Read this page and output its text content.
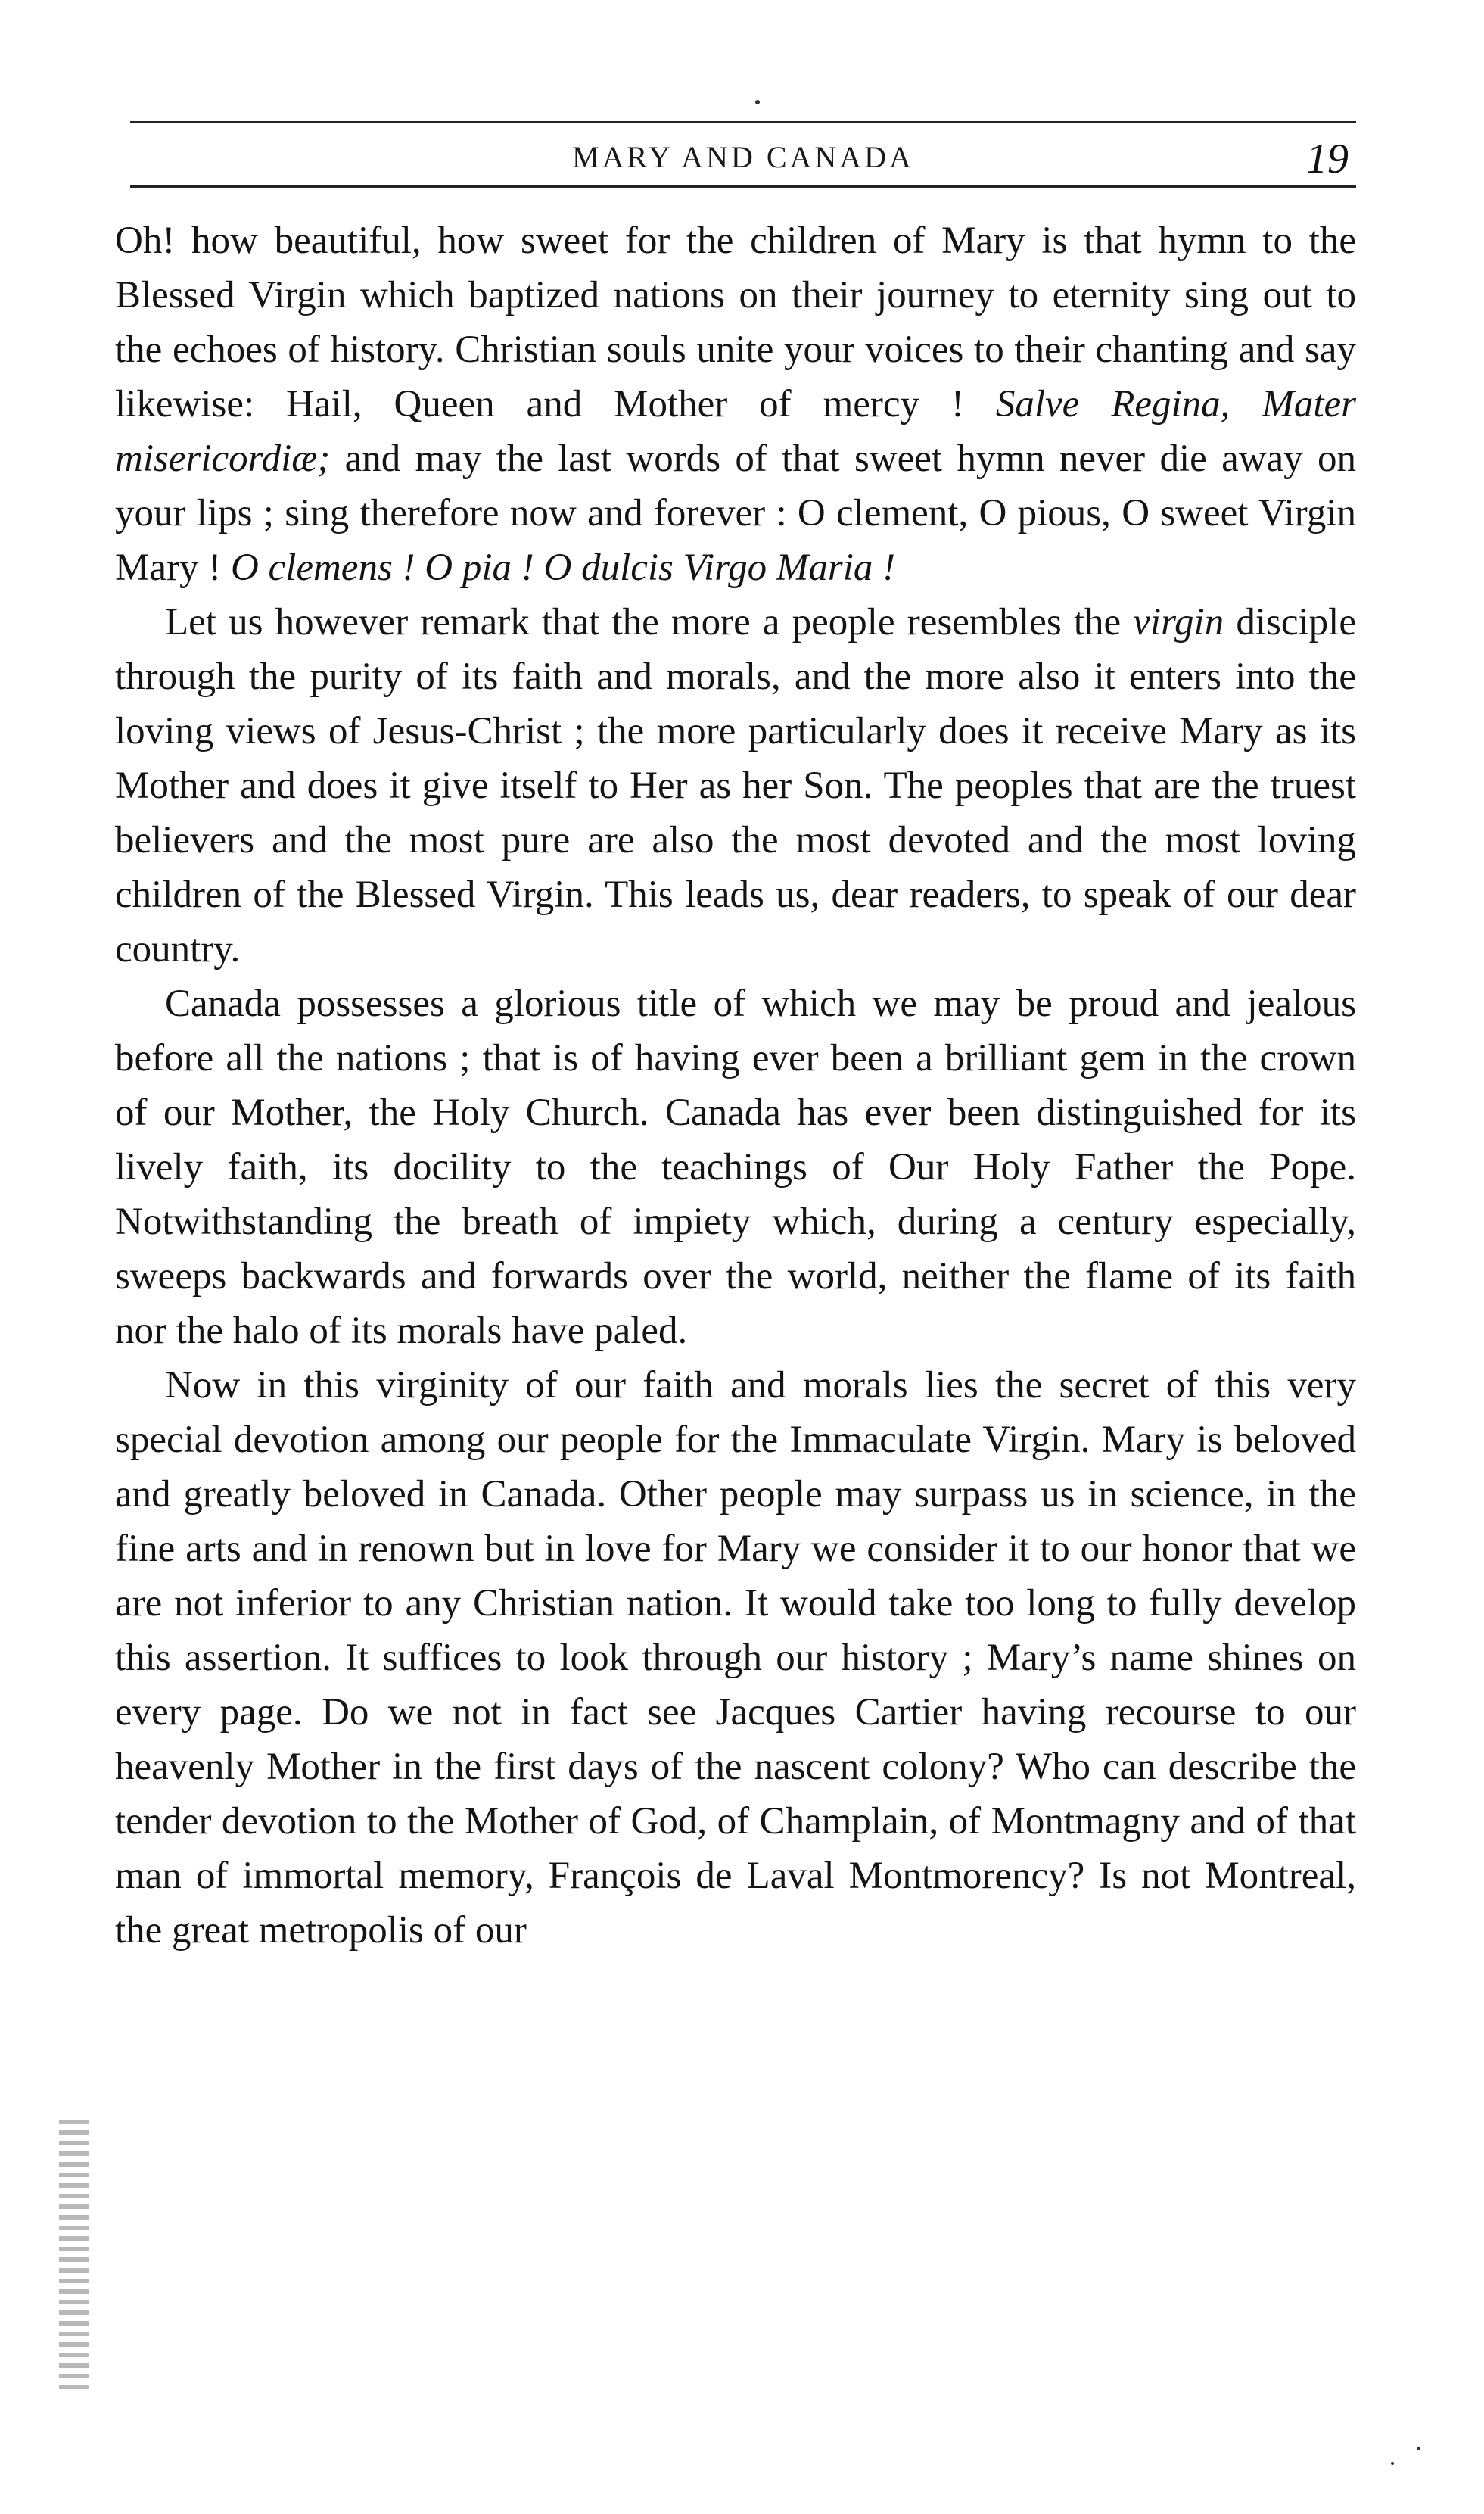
MARY AND CANADA	19

Oh! how beautiful, how sweet for the children of Mary is that hymn to the Blessed Virgin which baptized nations on their journey to eternity sing out to the echoes of history. Christian souls unite your voices to their chanting and say likewise: Hail, Queen and Mother of mercy ! Salve Regina, Mater misericordiæ; and may the last words of that sweet hymn never die away on your lips ; sing therefore now and forever : O clement, O pious, O sweet Virgin Mary ! O clemens ! O pia ! O dulcis Virgo Maria !

Let us however remark that the more a people resembles the virgin disciple through the purity of its faith and morals, and the more also it enters into the loving views of Jesus-Christ ; the more particularly does it receive Mary as its Mother and does it give itself to Her as her Son. The peoples that are the truest believers and the most pure are also the most devoted and the most loving children of the Blessed Virgin. This leads us, dear readers, to speak of our dear country.

Canada possesses a glorious title of which we may be proud and jealous before all the nations ; that is of having ever been a brilliant gem in the crown of our Mother, the Holy Church. Canada has ever been distinguished for its lively faith, its docility to the teachings of Our Holy Father the Pope. Notwithstanding the breath of impiety which, during a century especially, sweeps backwards and forwards over the world, neither the flame of its faith nor the halo of its morals have paled.

Now in this virginity of our faith and morals lies the secret of this very special devotion among our people for the Immaculate Virgin. Mary is beloved and greatly beloved in Canada. Other people may surpass us in science, in the fine arts and in renown but in love for Mary we consider it to our honor that we are not inferior to any Christian nation. It would take too long to fully develop this assertion. It suffices to look through our history ; Mary’s name shines on every page. Do we not in fact see Jacques Cartier having recourse to our heavenly Mother in the first days of the nascent colony? Who can describe the tender devotion to the Mother of God, of Champlain, of Montmagny and of that man of immortal memory, François de Laval Montmorency? Is not Montreal, the great metropolis of our
